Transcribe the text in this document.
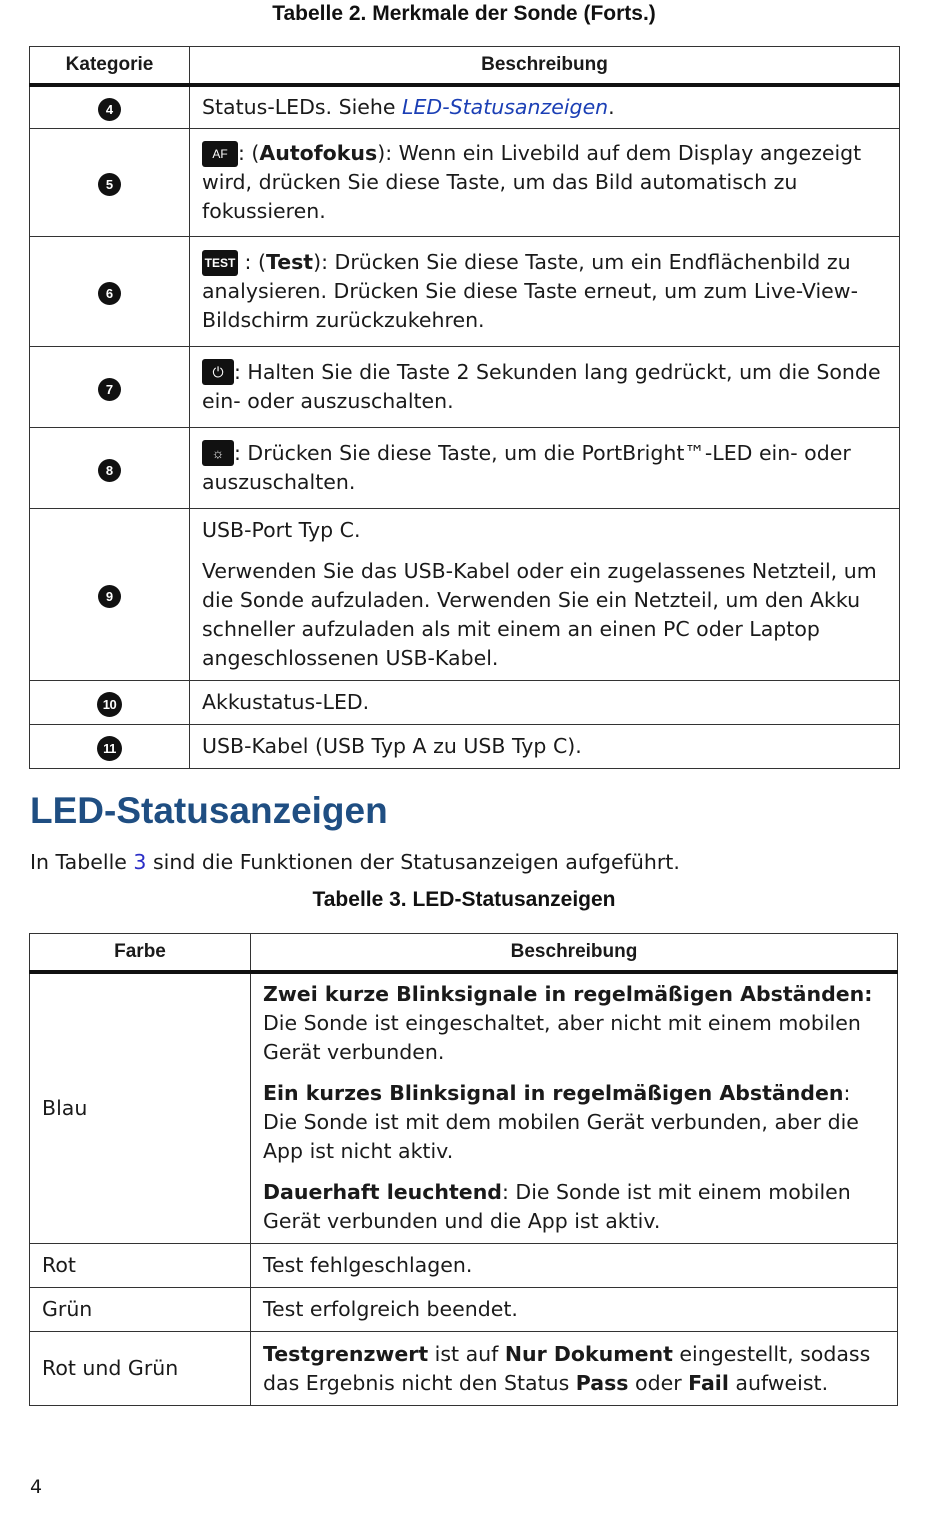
Tabelle 2. Merkmale der Sonde (Forts.)
Kategorie	Beschreibung
4	Status-LEDs. Siehe LED-Statusanzeigen.
5	AF : (Autofokus): Wenn ein Livebild auf dem Display angezeigt wird, drücken Sie diese Taste, um das Bild automatisch zu fokussieren.
6	TEST : (Test): Drücken Sie diese Taste, um ein Endflächenbild zu analysieren. Drücken Sie diese Taste erneut, um zum Live-View-Bildschirm zurückzukehren.
7	⏻ : Halten Sie die Taste 2 Sekunden lang gedrückt, um die Sonde ein- oder auszuschalten.
8	☼ : Drücken Sie diese Taste, um die PortBright™-LED ein- oder auszuschalten.
9	USB-Port Typ C.

Verwenden Sie das USB-Kabel oder ein zugelassenes Netzteil, um die Sonde aufzuladen. Verwenden Sie ein Netzteil, um den Akku schneller aufzuladen als mit einem an einen PC oder Laptop angeschlossenen USB-Kabel.

10	Akkustatus-LED.
11	USB-Kabel (USB Typ A zu USB Typ C).
LED-Statusanzeigen

In Tabelle 3 sind die Funktionen der Statusanzeigen aufgeführt.

Tabelle 3. LED-Statusanzeigen
Farbe	Beschreibung
Blau	Zwei kurze Blinksignale in regelmäßigen Abständen: Die Sonde ist eingeschaltet, aber nicht mit einem mobilen Gerät verbunden.

Ein kurzes Blinksignal in regelmäßigen Abständen: Die Sonde ist mit dem mobilen Gerät verbunden, aber die App ist nicht aktiv.

Dauerhaft leuchtend: Die Sonde ist mit einem mobilen Gerät verbunden und die App ist aktiv.

Rot	Test fehlgeschlagen.
Grün	Test erfolgreich beendet.
Rot und Grün	Testgrenzwert ist auf Nur Dokument eingestellt, sodass das Ergebnis nicht den Status Pass oder Fail aufweist.
4
